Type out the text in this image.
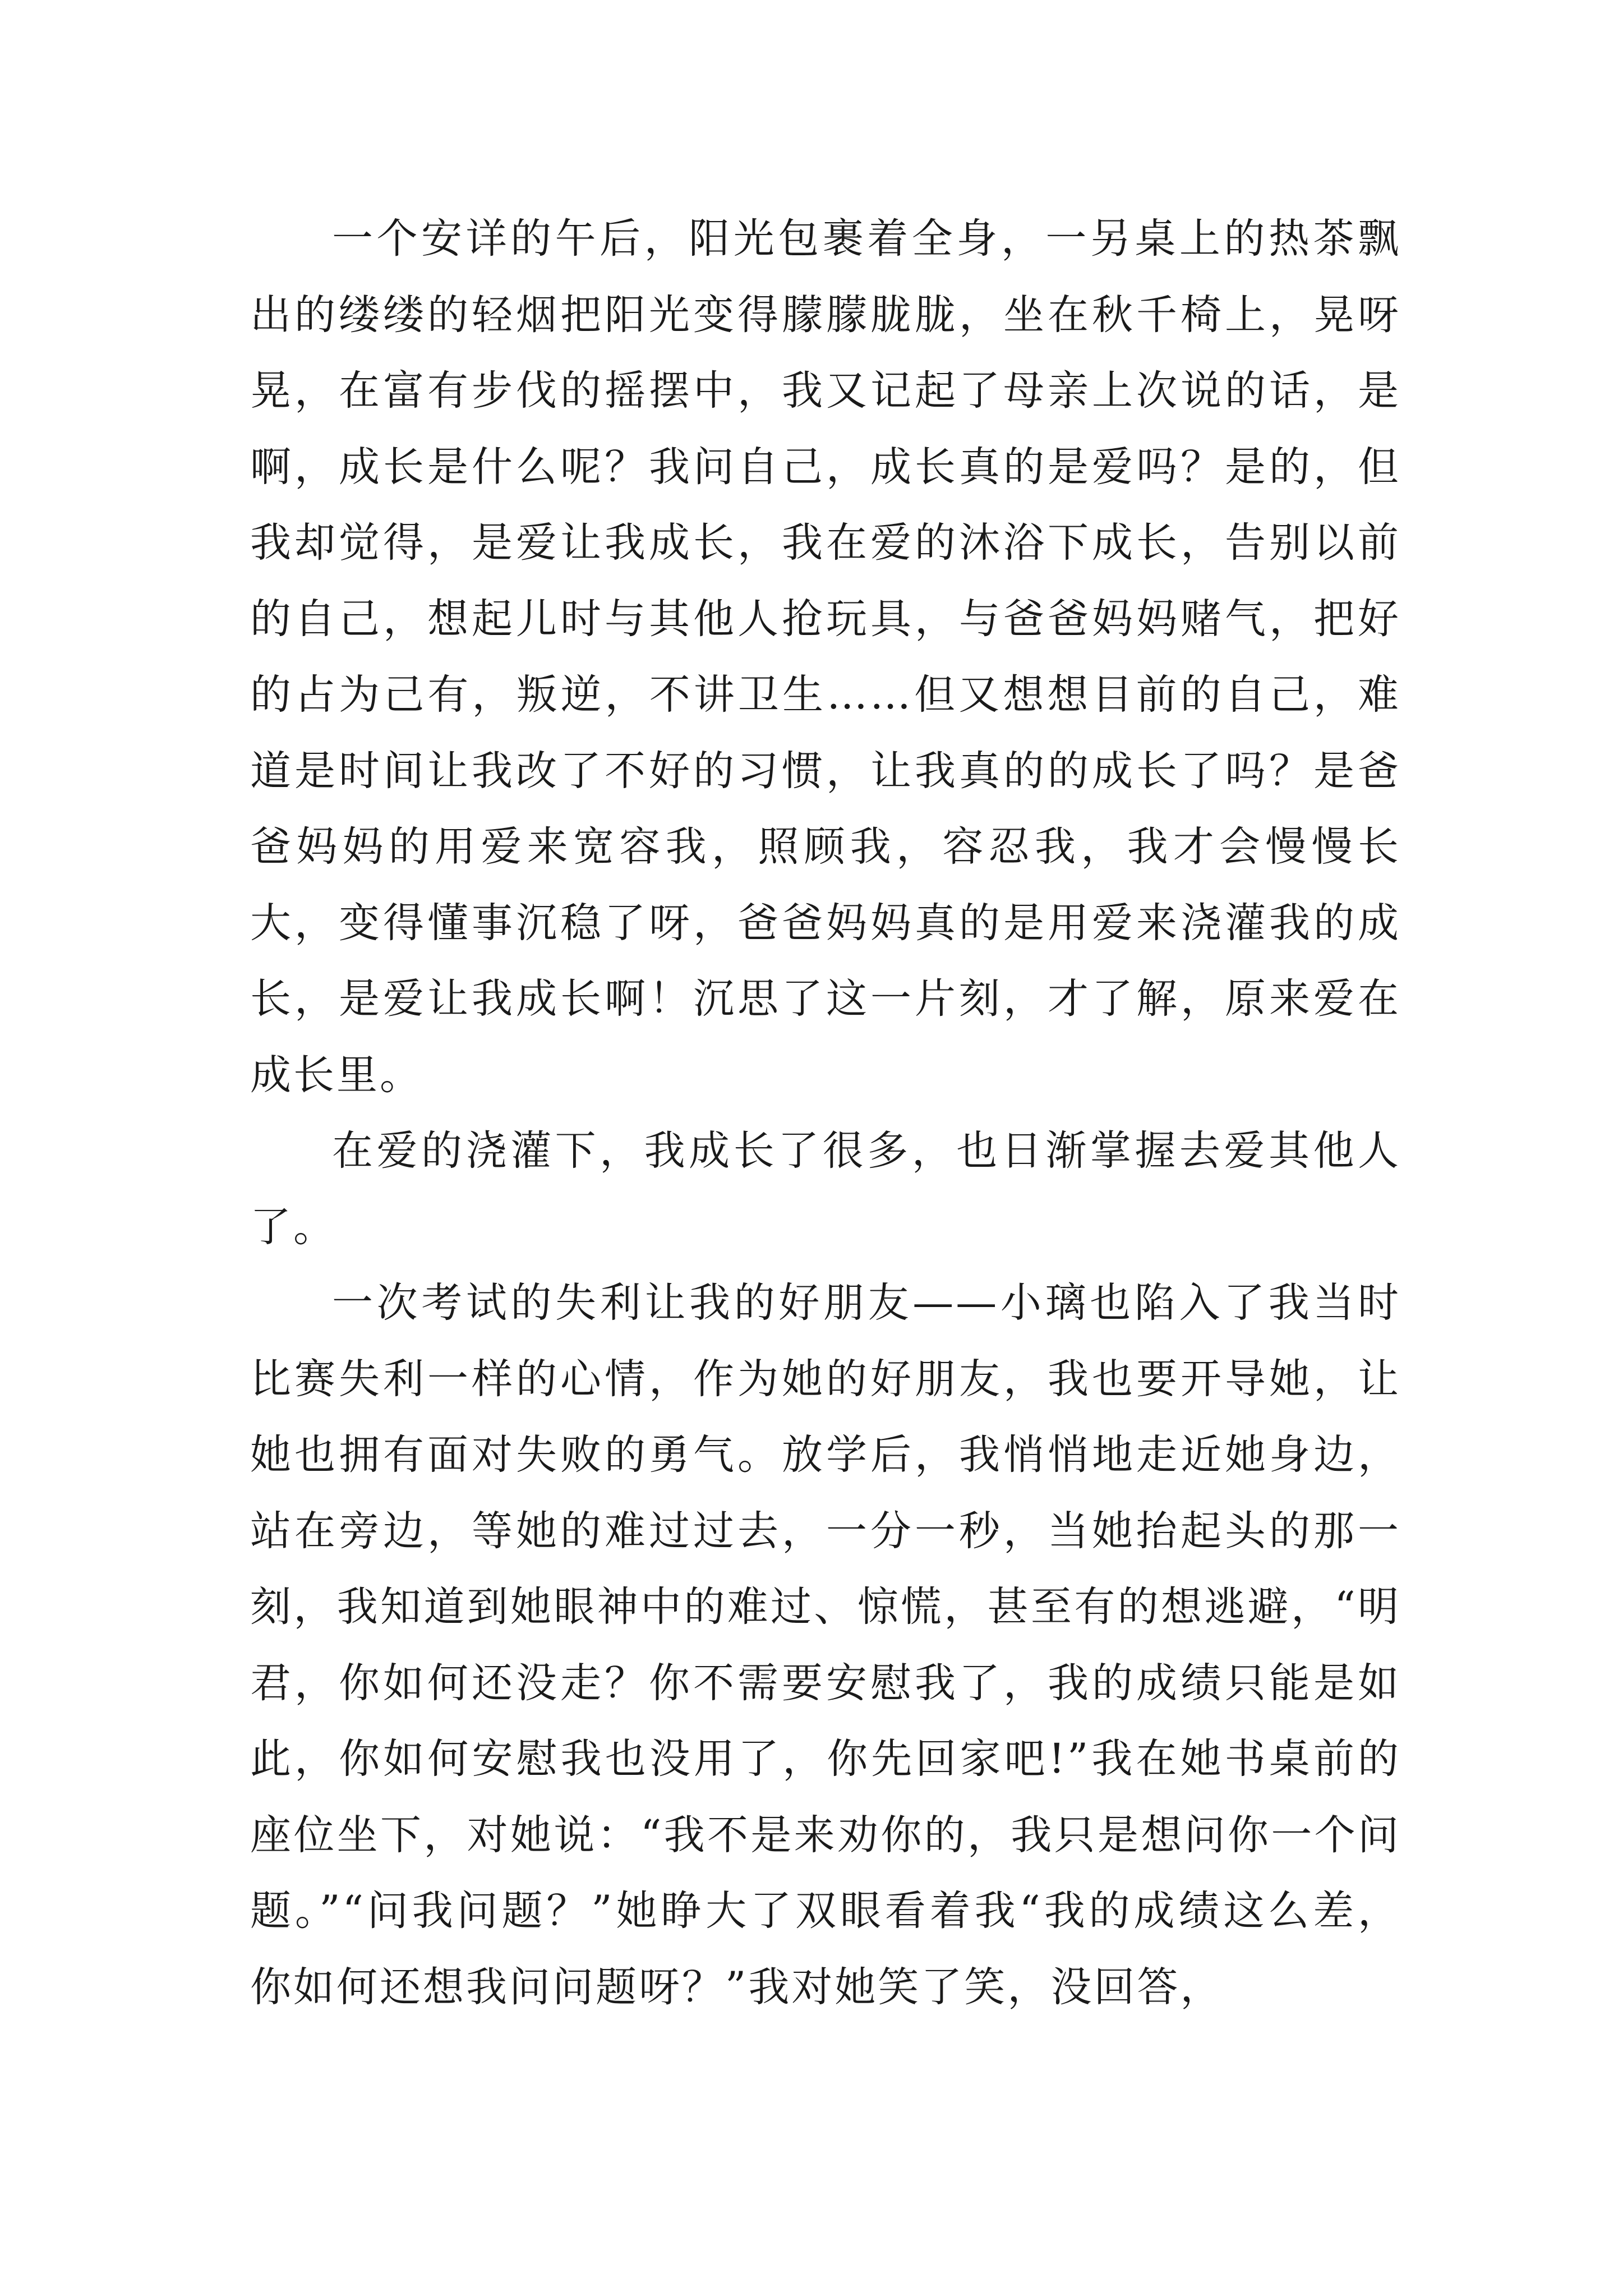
一个安详的午后，阳光包裹着全身，一另桌上的热茶飘出的缕缕的轻烟把阳光变得朦朦胧胧，坐在秋千椅上，晃呀晃，在富有步伐的摇摆中，我又记起了母亲上次说的话，是啊，成长是什么呢？我问自己，成长真的是爱吗？是的，但我却觉得，是爱让我成长，我在爱的沐浴下成长，告别以前的自己，想起儿时与其他人抢玩具，与爸爸妈妈赌气，把好的占为己有，叛逆，不讲卫生……但又想想目前的自己，难道是时间让我改了不好的习惯，让我真的的成长了吗？是爸爸妈妈的用爱来宽容我，照顾我，容忍我，我才会慢慢长大，变得懂事沉稳了呀，爸爸妈妈真的是用爱来浇灌我的成长，是爱让我成长啊！沉思了这一片刻，才了解，原来爱在成长里。

在爱的浇灌下，我成长了很多，也日渐掌握去爱其他人了。

一次考试的失利让我的好朋友——小璃也陷入了我当时比赛失利一样的心情，作为她的好朋友，我也要开导她，让她也拥有面对失败的勇气。放学后，我悄悄地走近她身边，站在旁边，等她的难过过去，一分一秒，当她抬起头的那一刻，我知道到她眼神中的难过、惊慌，甚至有的想逃避，“明君，你如何还没走？你不需要安慰我了，我的成绩只能是如此，你如何安慰我也没用了，你先回家吧!”我在她书桌前的座位坐下，对她说：“我不是来劝你的，我只是想问你一个问题。”“问我问题？”她睁大了双眼看着我“我的成绩这么差，你如何还想我问问题呀？”我对她笑了笑，没回答，
